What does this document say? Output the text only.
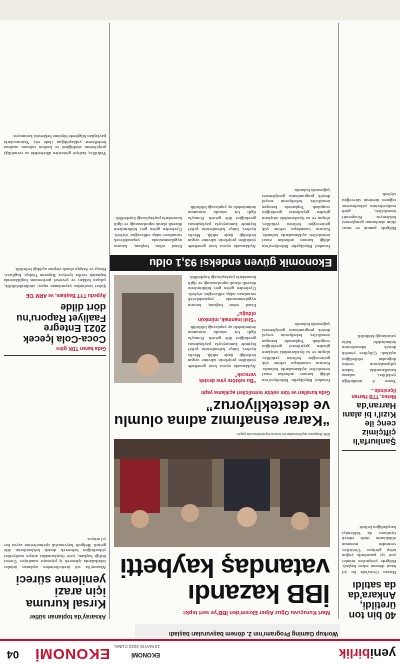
yenibirlik
EKONOMİ
13 MAYIS 2022 CUMA
EKONOMİ
04
Workup Gaming Programı'nın 2. dönem başvuruları başladı
40 bin ton üretildi, Ankara'da da satıldı
Harran Ovası'nda bu yıl hasat dönemi erken başladı. Bölgede yetiştirilen ürünler yurt içi pazarlarda yoğun talep görüyor. Üreticiler, verimden memnun olduklarını ifade ederek fiyatların da beklentiyi karşıladığını belirtti.
Şanlıurfa'lı çiftçimiz cenç ile Kızıl'ı bi alanı Harran'da
Meteo, TTB Harran ilçesinde...
Tarım il müdürlüğü yetkilileri, sulama kanallarındaki bakım çalışmalarının verimi doğrudan etkilediğini açıkladı. Çiftçilere yönelik destek ödemelerinin önümüzdeki hafta yatırılacağı bildirildi.
Bölgede pamuk ve mısır ekim alanlarının genişlemesi bekleniyor. Kooperatif temsilcileri, girdi maliyetlerinin yükselmesine rağmen üretimin süreceğini söyledi.
Mart Kuruçuvu Oğuz Alper Ekrem'den İBB'ye sert tepki:
İBB kazandı vatandaş kaybetti
İBB Başkanı açıklamalarını basın toplantısında yaptı.
“Karar esnafımız adına olumlu ve destekliyoruz”
Gıda kuralları ve tüm sektör temsilcileri açıklama yaptı
İstanbul Büyükşehir Belediyesi'nin aldığı kararın ardından esnaf temsilcileri açıklamalarda bulundu. Kararın vatandaşın cebine yük getireceğini belirten yetkililer, ulaşım ve su fiyatlarındaki artışların gözden geçirilmesi gerektiğini vurguladı. Toplantıda konuşan temsilciler, belediyenin sosyal destek programlarını genişletmesi çağrısında bulundu.
“Bu sektöre yine destek verecek”
Açıklamada ayrıca kent genelinde yürütülen projelerin takvime uygun ilerlediği ifade edildi. Meclis üyeleri, bütçe kalemlerinin şeffaf biçimde kamuoyuyla paylaşılması gerektiğini dile getirdi. Konuyla ilgili bir sonraki oturumun önümüzdeki ay yapılacağı bildirildi.
“Sisli inanmak, mümkün olduğu”
Esnaf odası başkanı, kararın uygulanmasında yaşanabilecek sorunların takip edileceğini söyledi. Üyelerden gelen geri bildirimlerin düzenli olarak raporlanacağı ve ilgili kurumlarla paylaşılacağı kaydedildi.
Ekonomik güven endeksi 93,1 oldu
İstanbul Büyükşehir Belediyesi'nin aldığı kararın ardından esnaf temsilcileri açıklamalarda bulundu. Kararın vatandaşın cebine yük getireceğini belirten yetkililer, ulaşım ve su fiyatlarındaki artışların gözden geçirilmesi gerektiğini vurguladı. Toplantıda konuşan temsilciler, belediyenin sosyal destek programlarını genişletmesi çağrısında bulundu.
Açıklamada ayrıca kent genelinde yürütülen projelerin takvime uygun ilerlediği ifade edildi. Meclis üyeleri, bütçe kalemlerinin şeffaf biçimde kamuoyuyla paylaşılması gerektiğini dile getirdi. Konuyla ilgili bir sonraki oturumun önümüzdeki ay yapılacağı bildirildi.
Esnaf odası başkanı, kararın uygulanmasında yaşanabilecek sorunların takip edileceğini söyledi. Üyelerden gelen geri bildirimlerin düzenli olarak raporlanacağı ve ilgili kurumlarla paylaşılacağı kaydedildi.
Aksaray'da toplanan sütler
Kırsal kuruma için arazi yenileme süreci
Aksaray'da süt üreticilerinden toplanan ürünler fabrikalarda işlenerek iç piyasaya sunuluyor. Üretici birliği başkanı, yem fiyatlarındaki artışın maliyetleri yükselttiğini belirterek destek beklentilerini dile getirdi. Bölgede hayvancılık işletmelerinin sayısı her yıl artıyor.
Gıda kararı TDK göre
Coca-Cola İçecek 2021 Entegre Faaliyet Raporu'nu dört dilde
Aypedu TYT Başkanı, ve ARM 'DE
Şirket tarafından yayımlanan rapor; sürdürülebilirlik, çalışan hakları ve çevresel performans başlıklarında kapsamlı veriler içeriyor. Raporun Türkçe, İngilizce, Rusça ve Arapça olarak erişime açıldığı belirtildi.
Yetkililer, faaliyet gösterilen ülkelerdeki su verimliliği projelerinin sürdüğünü ve karbon salımını azaltma hedeflerine yaklaşıldığını ifade etti. Yatırımcılarla paylaşılan bilgilerde büyüme beklentisi korunuyor.
